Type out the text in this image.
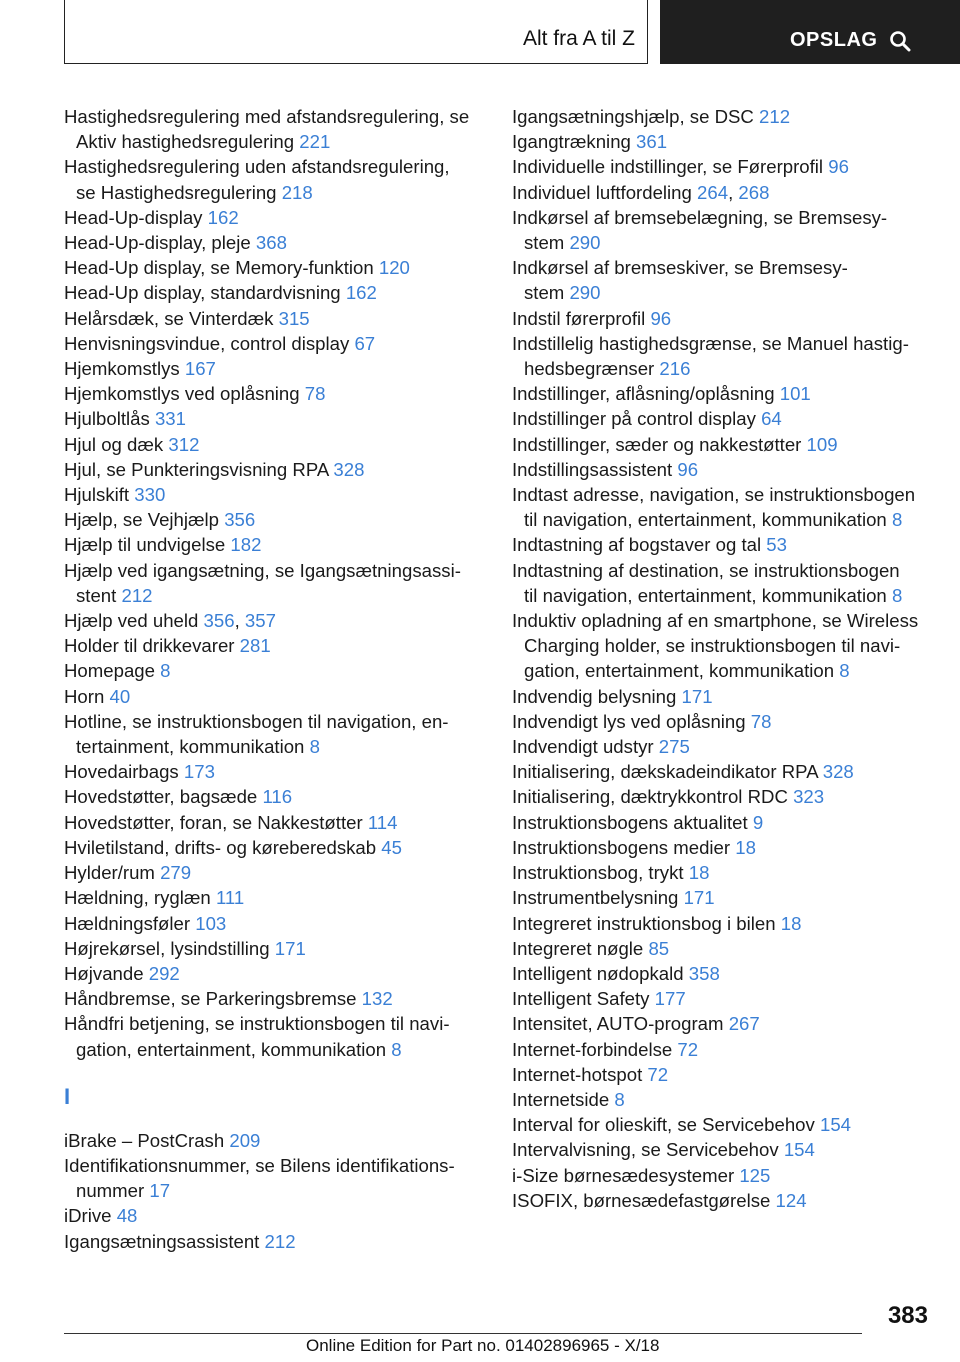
Alt fra A til Z	OPSLAG
Hastighedsregulering med afstandsregulering, se
Aktiv hastighedsregulering 221
Hastighedsregulering uden afstandsregulering,
se Hastighedsregulering 218
Head-Up-display 162
Head-Up-display, pleje 368
Head-Up display, se Memory-funktion 120
Head-Up display, standardvisning 162
Helårsdæk, se Vinterdæk 315
Henvisningsvindue, control display 67
Hjemkomstlys 167
Hjemkomstlys ved oplåsning 78
Hjulboltlås 331
Hjul og dæk 312
Hjul, se Punkteringsvisning RPA 328
Hjulskift 330
Hjælp, se Vejhjælp 356
Hjælp til undvigelse 182
Hjælp ved igangsætning, se Igangsætningsassi-
stent 212
Hjælp ved uheld 356, 357
Holder til drikkevarer 281
Homepage 8
Horn 40
Hotline, se instruktionsbogen til navigation, en-
tertainment, kommunikation 8
Hovedairbags 173
Hovedstøtter, bagsæde 116
Hovedstøtter, foran, se Nakkestøtter 114
Hviletilstand, drifts- og køreberedskab 45
Hylder/rum 279
Hældning, ryglæn 111
Hældningsføler 103
Højrekørsel, lysindstilling 171
Højvande 292
Håndbremse, se Parkeringsbremse 132
Håndfri betjening, se instruktionsbogen til navi-
gation, entertainment, kommunikation 8
I
iBrake – PostCrash 209
Identifikationsnummer, se Bilens identifikations-
nummer 17
iDrive 48
Igangsætningsassistent 212
Igangsætningshjælp, se DSC 212
Igangtrækning 361
Individuelle indstillinger, se Førerprofil 96
Individuel luftfordeling 264, 268
Indkørsel af bremsebelægning, se Bremsesy-
stem 290
Indkørsel af bremseskiver, se Bremsesy-
stem 290
Indstil førerprofil 96
Indstillelig hastighedsgrænse, se Manuel hastig-
hedsbegrænser 216
Indstillinger, aflåsning/oplåsning 101
Indstillinger på control display 64
Indstillinger, sæder og nakkestøtter 109
Indstillingsassistent 96
Indtast adresse, navigation, se instruktionsbogen
til navigation, entertainment, kommunikation 8
Indtastning af bogstaver og tal 53
Indtastning af destination, se instruktionsbogen
til navigation, entertainment, kommunikation 8
Induktiv opladning af en smartphone, se Wireless
Charging holder, se instruktionsbogen til navi-
gation, entertainment, kommunikation 8
Indvendig belysning 171
Indvendigt lys ved oplåsning 78
Indvendigt udstyr 275
Initialisering, dækskadeindikator RPA 328
Initialisering, dæktrykkontrol RDC 323
Instruktionsbogens aktualitet 9
Instruktionsbogens medier 18
Instruktionsbog, trykt 18
Instrumentbelysning 171
Integreret instruktionsbog i bilen 18
Integreret nøgle 85
Intelligent nødopkald 358
Intelligent Safety 177
Intensitet, AUTO-program 267
Internet-forbindelse 72
Internet-hotspot 72
Internetside 8
Interval for olieskift, se Servicebehov 154
Intervalvisning, se Servicebehov 154
i-Size børnesædesystemer 125
ISOFIX, børnesædefastgørelse 124
383
Online Edition for Part no. 01402896965 - X/18
